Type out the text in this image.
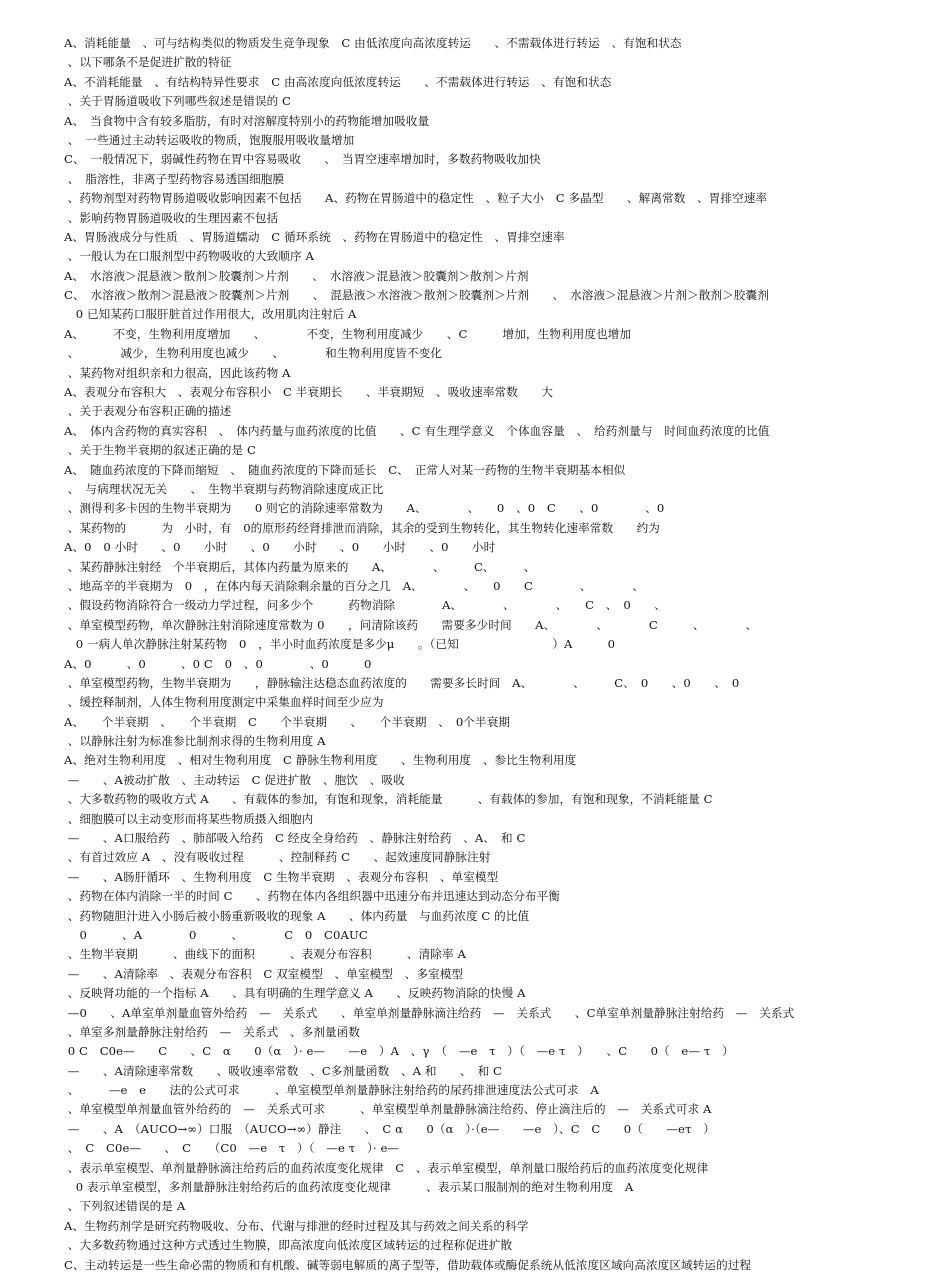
A、消耗能量　、可与结构类似的物质发生竞争现象　C 由低浓度向高浓度转运　　、不需载体进行转运　、有饱和状态
、以下哪条不是促进扩散的特征
A、不消耗能量　、有结构特异性要求　C 由高浓度向低浓度转运　　、不需载体进行转运　、有饱和状态
、关于胃肠道吸收下列哪些叙述是错误的 C
A、　当食物中含有较多脂肪，有时对溶解度特别小的药物能增加吸收量
、　一些通过主动转运吸收的物质，饱腹服用吸收量增加
C、　一般情况下，弱碱性药物在胃中容易吸收　　、　当胃空速率增加时，多数药物吸收加快
、　脂溶性，非离子型药物容易透国细胞膜
、药物剂型对药物胃肠道吸收影响因素不包括　　A、药物在胃肠道中的稳定性　、粒子大小　C 多晶型　　、解离常数　、胃排空速率
、影响药物胃肠道吸收的生理因素不包括
A、胃肠液成分与性质　、胃肠道蠕动　C 循环系统　、药物在胃肠道中的稳定性　、胃排空速率
、一般认为在口服剂型中药物吸收的大致顺序 A
A、　水溶液＞混悬液＞散剂＞胶囊剂＞片剂　　、　水溶液＞混悬液＞胶囊剂＞散剂＞片剂
C、　水溶液＞散剂＞混悬液＞胶囊剂＞片剂　　、　混悬液＞水溶液＞散剂＞胶囊剂＞片剂　　、　水溶液＞混悬液＞片剂＞散剂＞胶囊剂
　0 已知某药口服肝脏首过作用很大，改用肌肉注射后 A
A、　　　不变，生物利用度增加　　、　　　　不变，生物利用度减少　　、C　　　增加，生物利用度也增加
、　　　　减少，生物利用度也减少　　、　　　　和生物利用度皆不变化
、某药物对组织亲和力很高，因此该药物 A
A、表观分布容积大　、表观分布容积小　C 半衰期长　　、半衰期短　、吸收速率常数　　大
、关于表观分布容积正确的描述
A、　体内含药物的真实容积　、　体内药量与血药浓度的比值　　、C 有生理学意义　个体血容量　、　给药剂量与　时间血药浓度的比值
、关于生物半衰期的叙述正确的是 C
A、　随血药浓度的下降而缩短　、　随血药浓度的下降而延长　C、　正常人对某一药物的生物半衰期基本相似
、　与病理状况无关　　、　生物半衰期与药物消除速度成正比
、测得利多卡因的生物半衰期为　　0 则它的消除速率常数为　　A、　　　　、　　0　、0　C　　、0　　　　、0
、某药物的　　　为　小时，有　0的原形药经肾排泄而消除，其余的受到生物转化，其生物转化速率常数　　约为
A、0　0 小时　　、0　　小时　　、0　　小时　　、0　　小时　　、0　　小时
、某药静脉注射经　个半衰期后，其体内药量为原来的　　A、　　　　、　　　C、　　　、
、地高辛的半衰期为　0　，在体内每天消除剩余量的百分之几　A、　　　　、　　0　　C　　　　、　　　　、
、假设药物消除符合一级动力学过程，问多少个　　　药物消除　　　　A、　　　　、　　　　、　　C　、　0　　、
、单室模型药物，单次静脉注射消除速度常数为 0　　，问清除该药　　需要多少时间　　A、　　　　、　　　　C　　　、　　　　、
　0 一病人单次静脉注射某药物　0　，半小时血药浓度是多少μ　　。（已知　　　　　　　　）A　　　0
A、0　　　、0　　　、0 C　0　、0　　　　、0　　　0
、单室模型药物，生物半衰期为　　，静脉输注达稳态血药浓度的　　需要多长时间　A、　　　　、　　　C、　0　　、0　　、　0
、缓控释制剂，人体生物利用度测定中采集血样时间至少应为
A、　　个半衰期　、　　个半衰期　C　　个半衰期　　、　　个半衰期　、　0个半衰期
、以静脉注射为标准参比制剂求得的生物利用度 A
A、绝对生物利用度　、相对生物利用度　C 静脉生物利用度　　、生物利用度　、参比生物利用度
—　　、A被动扩散　、主动转运　C 促进扩散　、胞饮　、吸收
、大多数药物的吸收方式 A　　、有载体的参加，有饱和现象，消耗能量　　　、有载体的参加，有饱和现象，不消耗能量 C
、细胞膜可以主动变形而将某些物质摄入细胞内
—　　、A口服给药　、肺部吸入给药　C 经皮全身给药　、静脉注射给药　、A、　和 C
、有首过效应 A　、没有吸收过程　　　、控制释药 C　　、起效速度同静脉注射
—　　、A肠肝循环　、生物利用度　C 生物半衰期　、表观分布容积　、单室模型
、药物在体内消除一半的时间 C　　、药物在体内各组织器中迅速分布并迅速达到动态分布平衡
、药物随胆汁进入小肠后被小肠重新吸收的现象 A　　、体内药量　与血药浓度 C 的比值
　0　　　、A　　　　0　　　、　　　　C　0　C0AUC
、生物半衰期　　　、曲线下的面积　　　、表观分布容积　　　、清除率 A
—　　、A清除率　、表观分布容积　C 双室模型　、单室模型　、多室模型
、反映肾功能的一个指标 A　　、具有明确的生理学意义 A　　、反映药物消除的快慢 A
—0　　、A单室单剂量血管外给药　—　关系式　　、单室单剂量静脉滴注给药　—　关系式　　、C单室单剂量静脉注射给药　—　关系式
、单室多剂量静脉注射给药　—　关系式　、多剂量函数
0 C　C0e—　　C　　、C　α　　0（α　）· e—　　—e　）A　、γ　（　—e　τ　）（　—e τ　）　　、C　　0（　e— τ　）
—　　、A清除速率常数　　、吸收速率常数　、C多剂量函数　、A 和　　、　和 C
、　　　—e　e　　法的公式可求　　　、单室模型单剂量静脉注射给药的尿药排泄速度法公式可求　A
、单室模型单剂量血管外给药的　—　关系式可求　　　、单室模型单剂量静脉滴注给药、停止滴注后的　—　关系式可求 A
—　　、A　（AUCO→∞）口服　（AUCO→∞）静注　　、　C α　　0（α　）·（e—　　—e　）、C　C　　0（　　—eτ　）
、　C　C0e—　　、　C　　（C0　—e　τ　）（　—e τ　）· e—
、表示单室模型、单剂量静脉滴注给药后的血药浓度变化规律　C　、表示单室模型，单剂量口服给药后的血药浓度变化规律
　0 表示单室模型，多剂量静脉注射给药后的血药浓度变化规律　　　、表示某口服制剂的绝对生物利用度　A
、下列叙述错误的是 A
A、生物药剂学是研究药物吸收、分布、代谢与排泄的经时过程及其与药效之间关系的科学
、大多数药物通过这种方式透过生物膜，即高浓度向低浓度区域转运的过程称促进扩散
C、主动转运是一些生命必需的物质和有机酸、碱等弱电解质的离子型等，借助载体或酶促系统从低浓度区域向高浓度区域转运的过程
